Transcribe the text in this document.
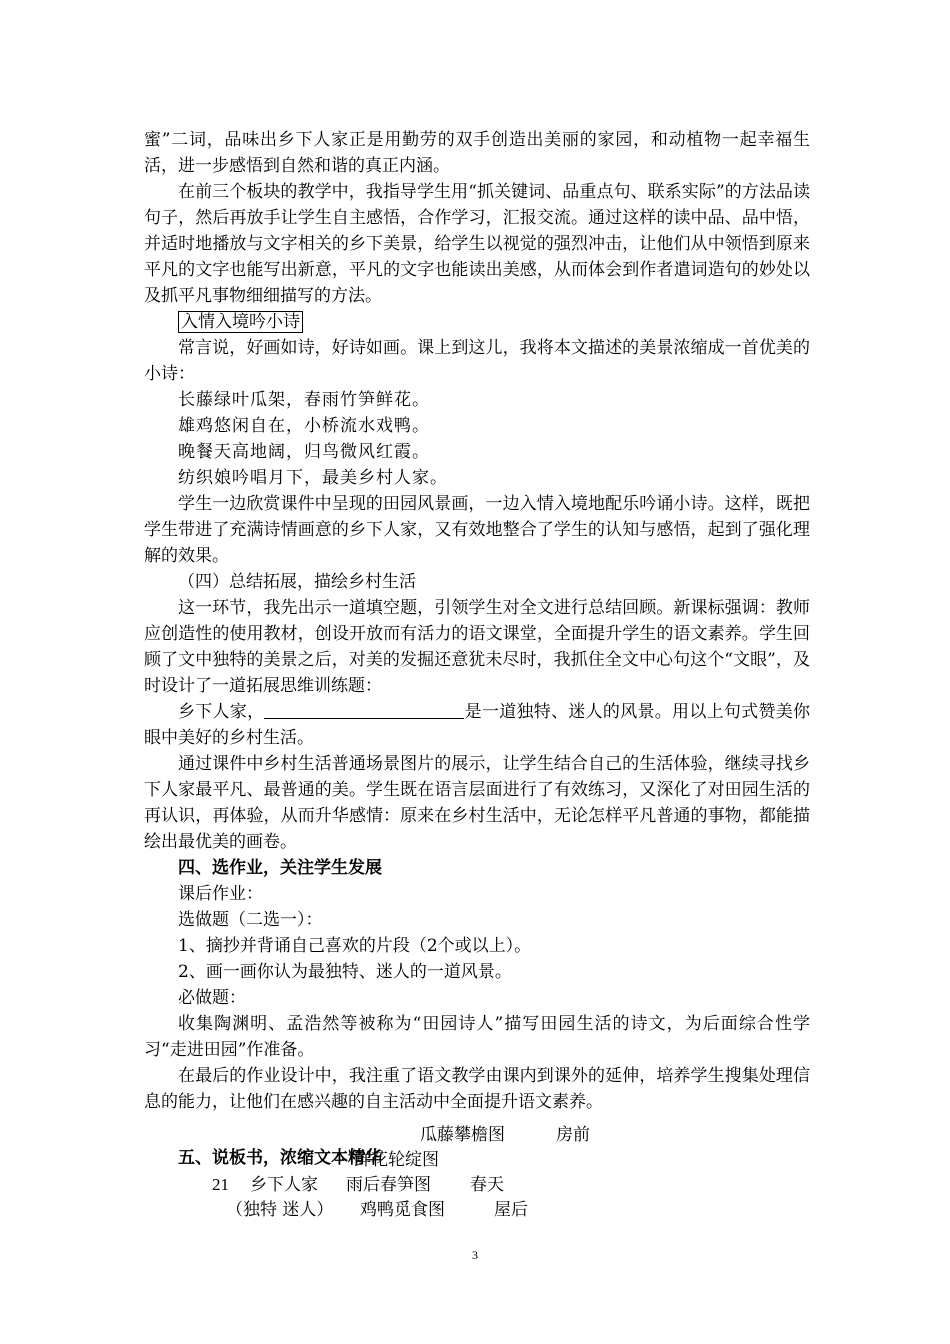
蜜”二词，品味出乡下人家正是用勤劳的双手创造出美丽的家园，和动植物一起幸福生活，进一步感悟到自然和谐的真正内涵。

在前三个板块的教学中，我指导学生用“抓关键词、品重点句、联系实际”的方法品读句子，然后再放手让学生自主感悟，合作学习，汇报交流。通过这样的读中品、品中悟，并适时地播放与文字相关的乡下美景，给学生以视觉的强烈冲击，让他们从中领悟到原来平凡的文字也能写出新意，平凡的文字也能读出美感，从而体会到作者遣词造句的妙处以及抓平凡事物细细描写的方法。

入情入境吟小诗

常言说，好画如诗，好诗如画。课上到这儿，我将本文描述的美景浓缩成一首优美的小诗：

长藤绿叶瓜架，春雨竹笋鲜花。

雄鸡悠闲自在，小桥流水戏鸭。

晚餐天高地阔，归鸟微风红霞。

纺织娘吟唱月下，最美乡村人家。

学生一边欣赏课件中呈现的田园风景画，一边入情入境地配乐吟诵小诗。这样，既把学生带进了充满诗情画意的乡下人家，又有效地整合了学生的认知与感悟，起到了强化理解的效果。

（四）总结拓展，描绘乡村生活

这一环节，我先出示一道填空题，引领学生对全文进行总结回顾。新课标强调：教师应创造性的使用教材，创设开放而有活力的语文课堂，全面提升学生的语文素养。学生回顾了文中独特的美景之后，对美的发掘还意犹未尽时，我抓住全文中心句这个“文眼”，及时设计了一道拓展思维训练题：

乡下人家，	是一道独特、迷人的风景。用以上句式赞美你眼中美好的乡村生活。

通过课件中乡村生活普通场景图片的展示，让学生结合自己的生活体验，继续寻找乡下人家最平凡、最普通的美。学生既在语言层面进行了有效练习，又深化了对田园生活的再认识，再体验，从而升华感情：原来在乡村生活中，无论怎样平凡普通的事物，都能描绘出最优美的画卷。

四、选作业，关注学生发展

课后作业：

选做题（二选一）：

1、摘抄并背诵自己喜欢的片段（2个或以上）。

2、画一画你认为最独特、迷人的一道风景。

必做题：

收集陶渊明、孟浩然等被称为“田园诗人”描写田园生活的诗文，为后面综合性学习“走进田园”作准备。

在最后的作业设计中，我注重了语文教学由课内到课外的延伸，培养学生搜集处理信息的能力，让他们在感兴趣的自主活动中全面提升语文素养。

五、说板书，浓缩文本精华

瓜藤攀檐图	房前
鲜花轮绽图
21 乡下人家 雨后春笋图 春天
（独特 迷人） 鸡鸭觅食图	屋后
3
